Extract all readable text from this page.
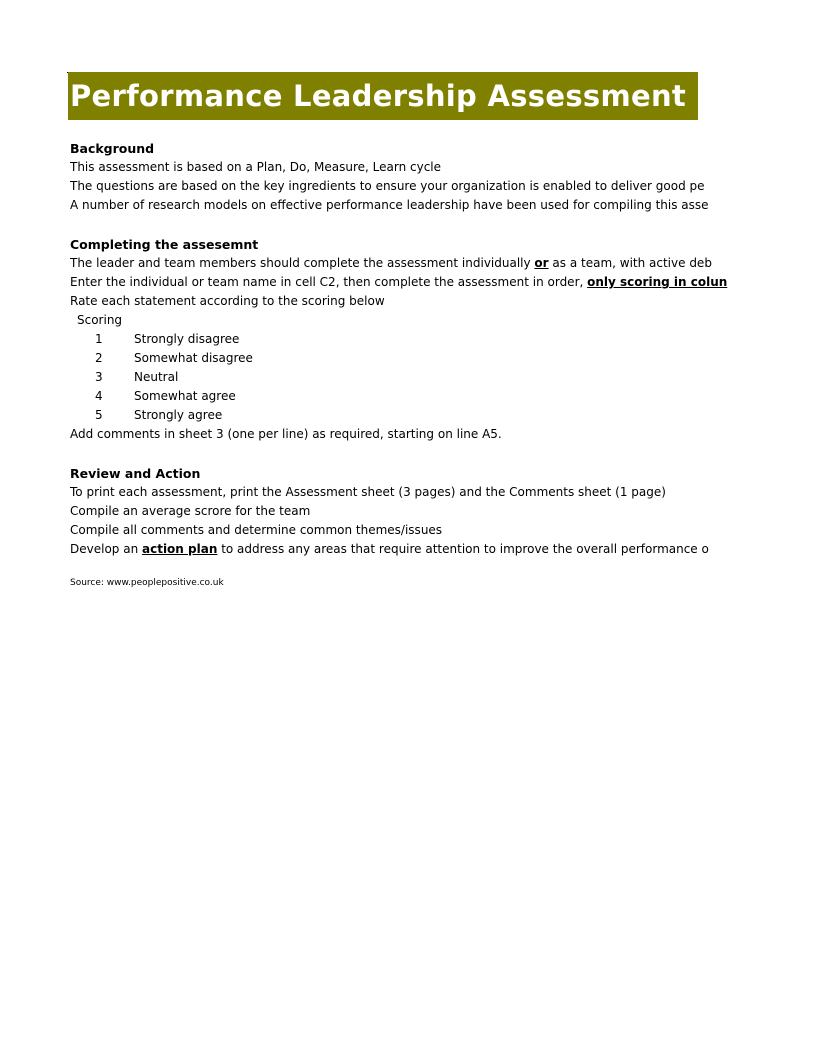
Performance Leadership Assessment
Background
This assessment is based on a Plan, Do, Measure, Learn cycle
The questions are based on the key ingredients to ensure your organization is enabled to deliver good pe
A number of research models on effective performance leadership have been used for compiling this asse
Completing the assesemnt
The leader and team members should complete the assessment individually or as a team, with active deb
Enter the individual or team name in cell C2, then complete the assessment in order, only scoring in colun
Rate each statement according to the scoring below
Scoring
1	Strongly disagree
2	Somewhat disagree
3	Neutral
4	Somewhat agree
5	Strongly agree
Add comments in sheet 3 (one per line) as required, starting on line A5.
Review and Action
To print each assessment, print the Assessment sheet (3 pages) and the Comments sheet (1 page)
Compile an average scrore for the team
Compile all comments and determine common themes/issues
Develop an action plan to address any areas that require attention to improve the overall performance o
Source: www.peoplepositive.co.uk
